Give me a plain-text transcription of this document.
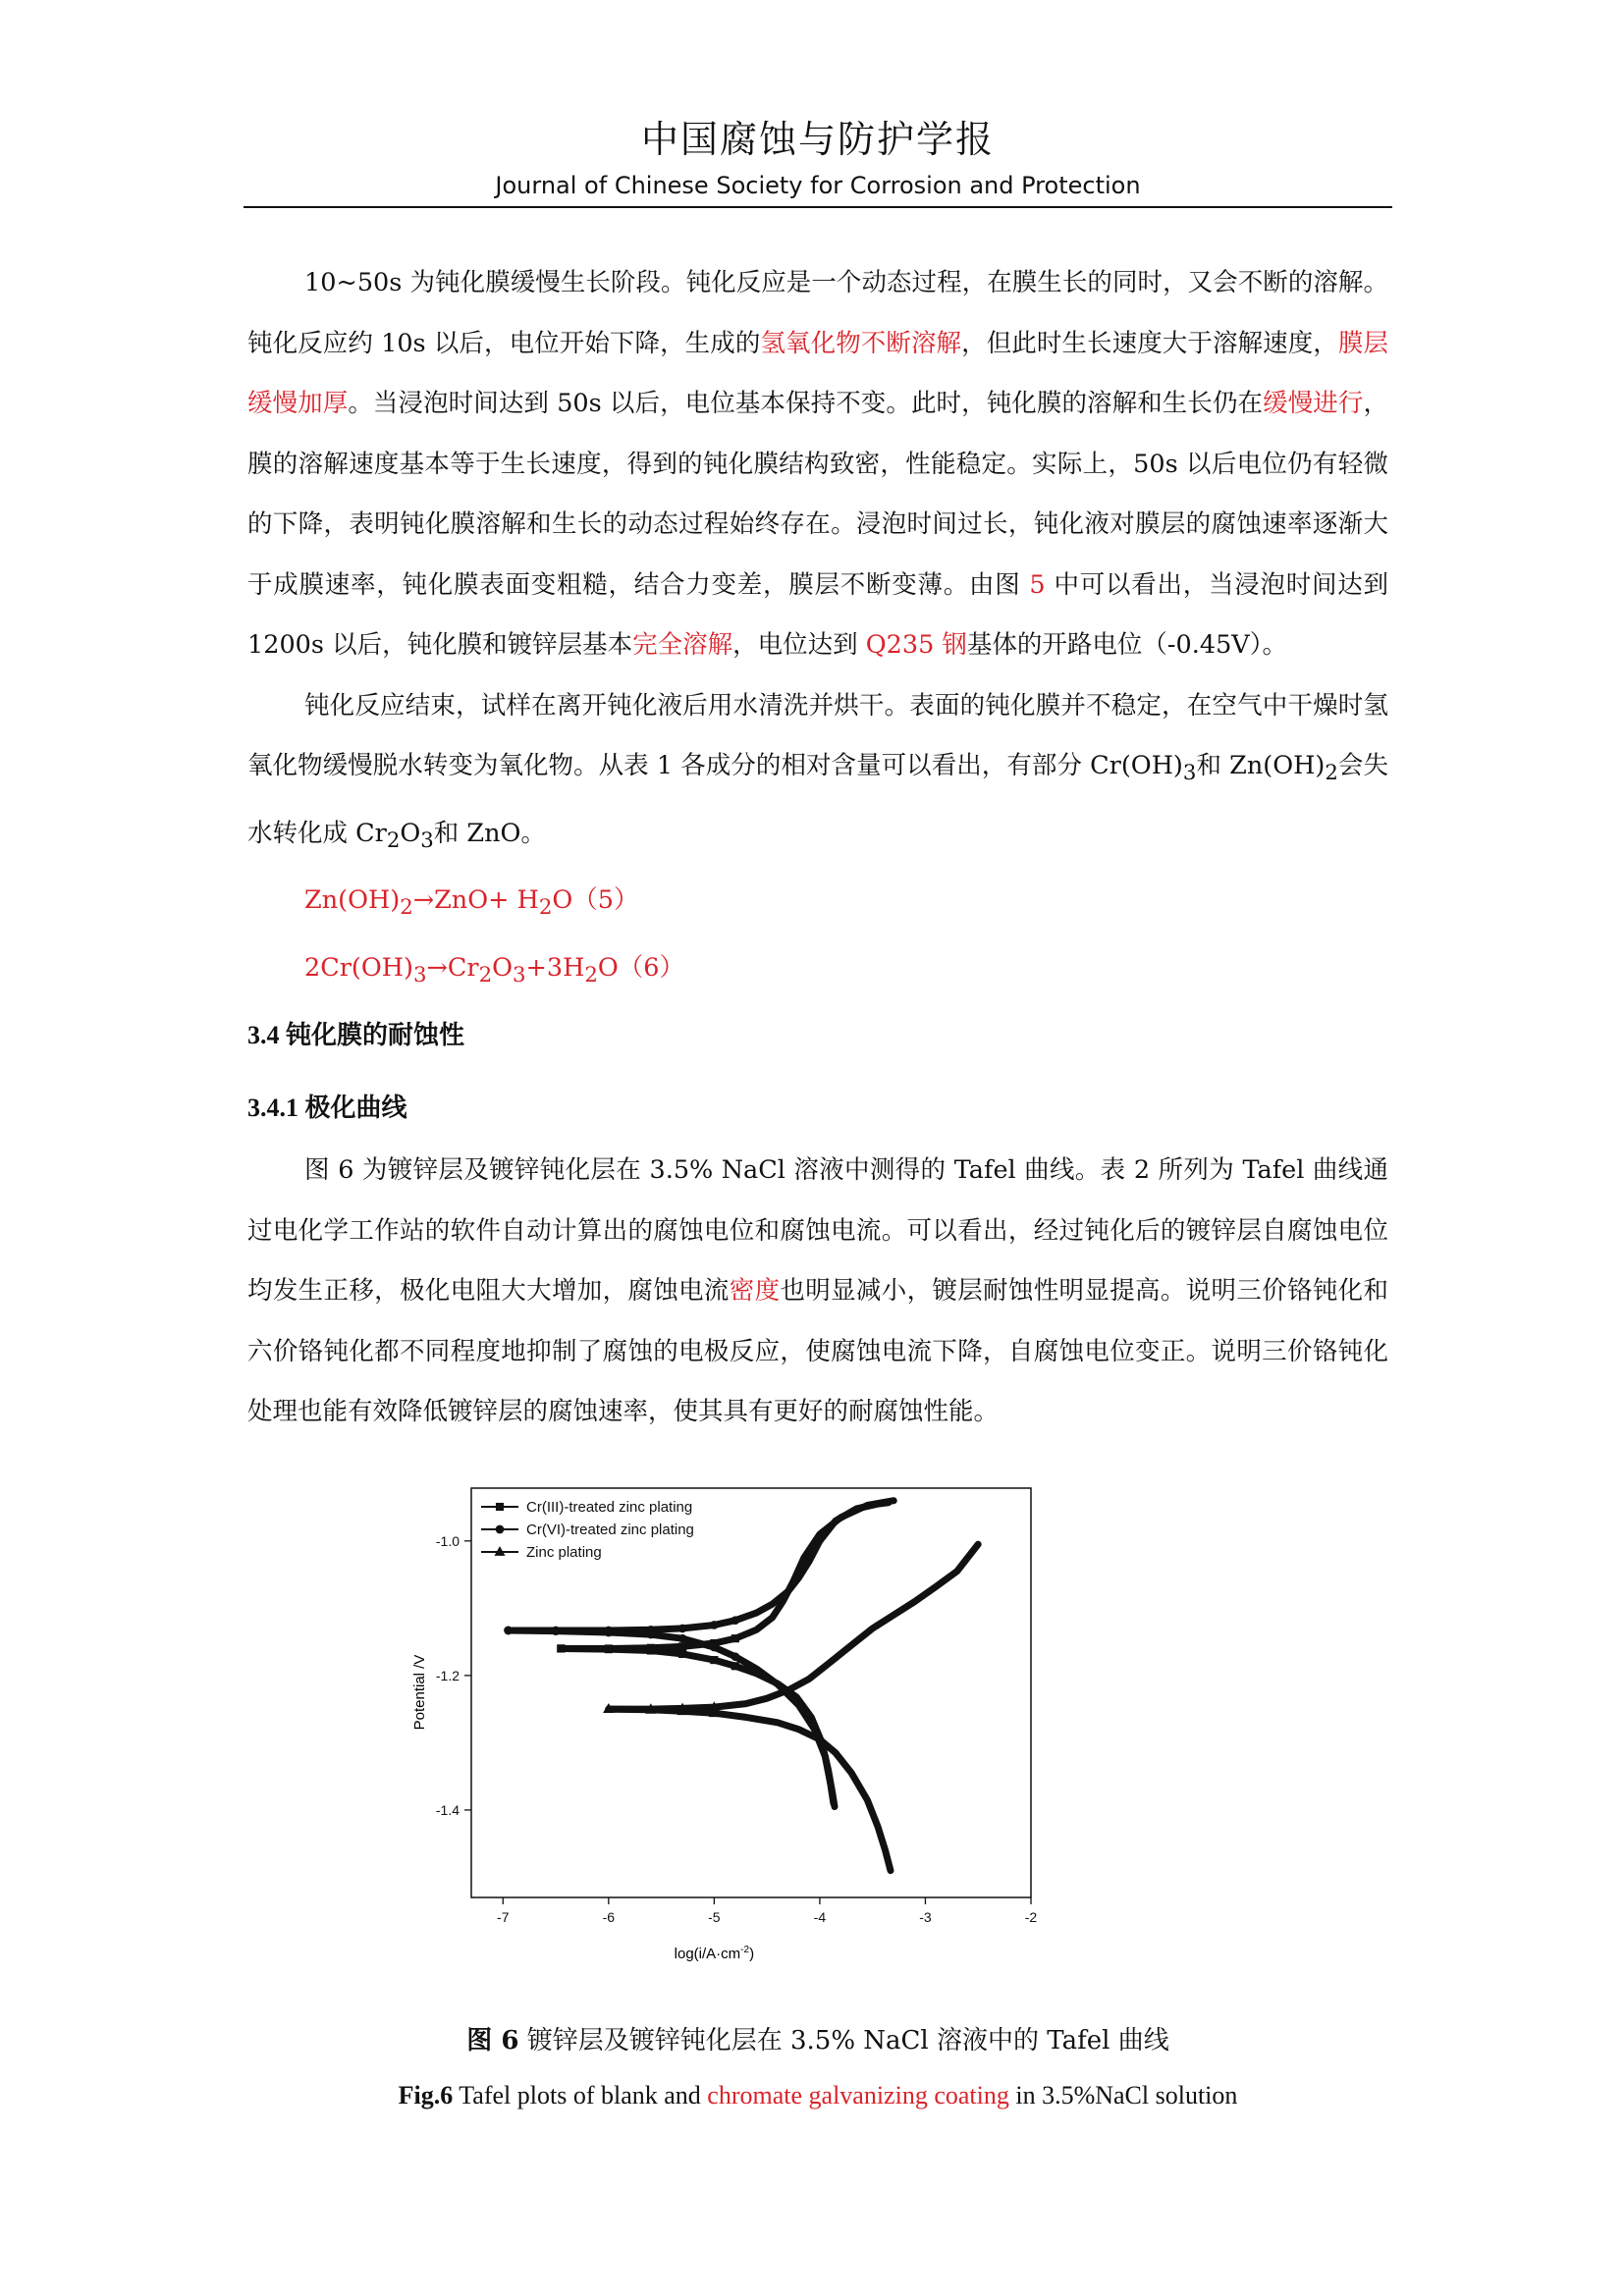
中国腐蚀与防护学报
Journal of Chinese Society for Corrosion and Protection

10~50s 为钝化膜缓慢生长阶段。钝化反应是一个动态过程，在膜生长的同时，又会不断的溶解。钝化反应约 10s 以后，电位开始下降，生成的氢氧化物不断溶解，但此时生长速度大于溶解速度，膜层缓慢加厚。当浸泡时间达到 50s 以后，电位基本保持不变。此时，钝化膜的溶解和生长仍在缓慢进行，膜的溶解速度基本等于生长速度，得到的钝化膜结构致密，性能稳定。实际上，50s 以后电位仍有轻微的下降，表明钝化膜溶解和生长的动态过程始终存在。浸泡时间过长，钝化液对膜层的腐蚀速率逐渐大于成膜速率，钝化膜表面变粗糙，结合力变差，膜层不断变薄。由图 5 中可以看出，当浸泡时间达到 1200s 以后，钝化膜和镀锌层基本完全溶解，电位达到 Q235 钢基体的开路电位（-0.45V）。

钝化反应结束，试样在离开钝化液后用水清洗并烘干。表面的钝化膜并不稳定，在空气中干燥时氢氧化物缓慢脱水转变为氧化物。从表 1 各成分的相对含量可以看出，有部分 $Cr(OH)_3$和 $Zn(OH)_2$会失水转化成 $Cr_2O_3$和 ZnO。

$Zn(OH)_2\to ZnO+ H_2O(5)$

$2Cr(OH)_3\to Cr_2O_3+3H_2O(6)$

3.4 钝化膜的耐蚀性
3.4.1 极化曲线

图 6 为镀锌层及镀锌钝化层在 3.5% NaCl 溶液中测得的 Tafel 曲线。表 2 所列为 Tafel 曲线通过电化学工作站的软件自动计算出的腐蚀电位和腐蚀电流。可以看出，经过钝化后的镀锌层自腐蚀电位均发生正移，极化电阻大大增加，腐蚀电流密度也明显减小，镀层耐蚀性明显提高。说明三价铬钝化和六价铬钝化都不同程度地抑制了腐蚀的电极反应，使腐蚀电流下降，自腐蚀电位变正。说明三价铬钝化处理也能有效降低镀锌层的腐蚀速率，使其具有更好的耐腐蚀性能。

-7	-6	-5	-4	-3	-2
-1.0
-1.2
-1.4
Cr(III)-treated zinc plating
Cr(VI)-treated zinc plating
Zinc plating
Potential /V
$\log(i/A\cdot cm^{-2})$
图 6 镀锌层及镀锌钝化层在 3.5% NaCl 溶液中的 Tafel 曲线
Fig.6 Tafel plots of blank and chromate galvanizing coating in 3.5%NaCl solution
